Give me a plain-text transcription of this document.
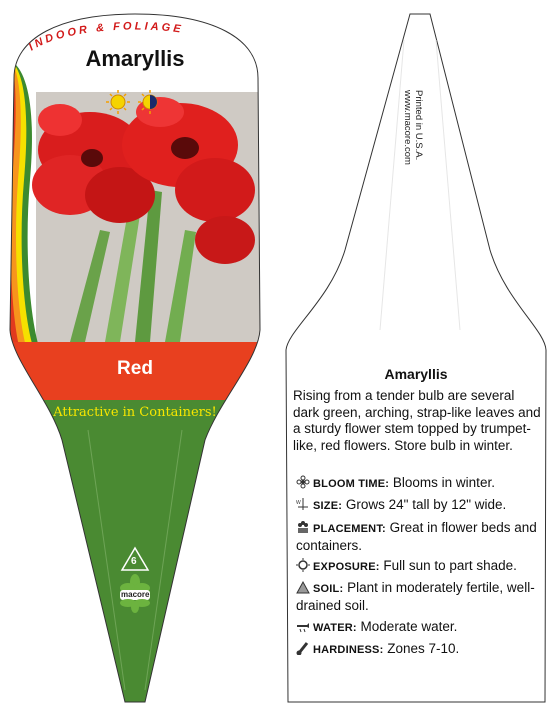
INDOOR & FOLIAGE
Amaryllis
Red
Attractive in Containers!
6
macore
B41F193
Printed in U.S.A.
www.macore.com
Amaryllis
Rising from a tender bulb are several dark green, arching, strap-like leaves and a sturdy flower stem topped by trumpet-like, red flowers. Store bulb in winter.
BLOOM TIME: Blooms in winter.
W SIZE: Grows 24" tall by 12" wide.
PLACEMENT: Great in flower beds and containers.
EXPOSURE: Full sun to part shade.
SOIL: Plant in moderately fertile, well-drained soil.
WATER: Moderate water.
HARDINESS: Zones 7-10.
